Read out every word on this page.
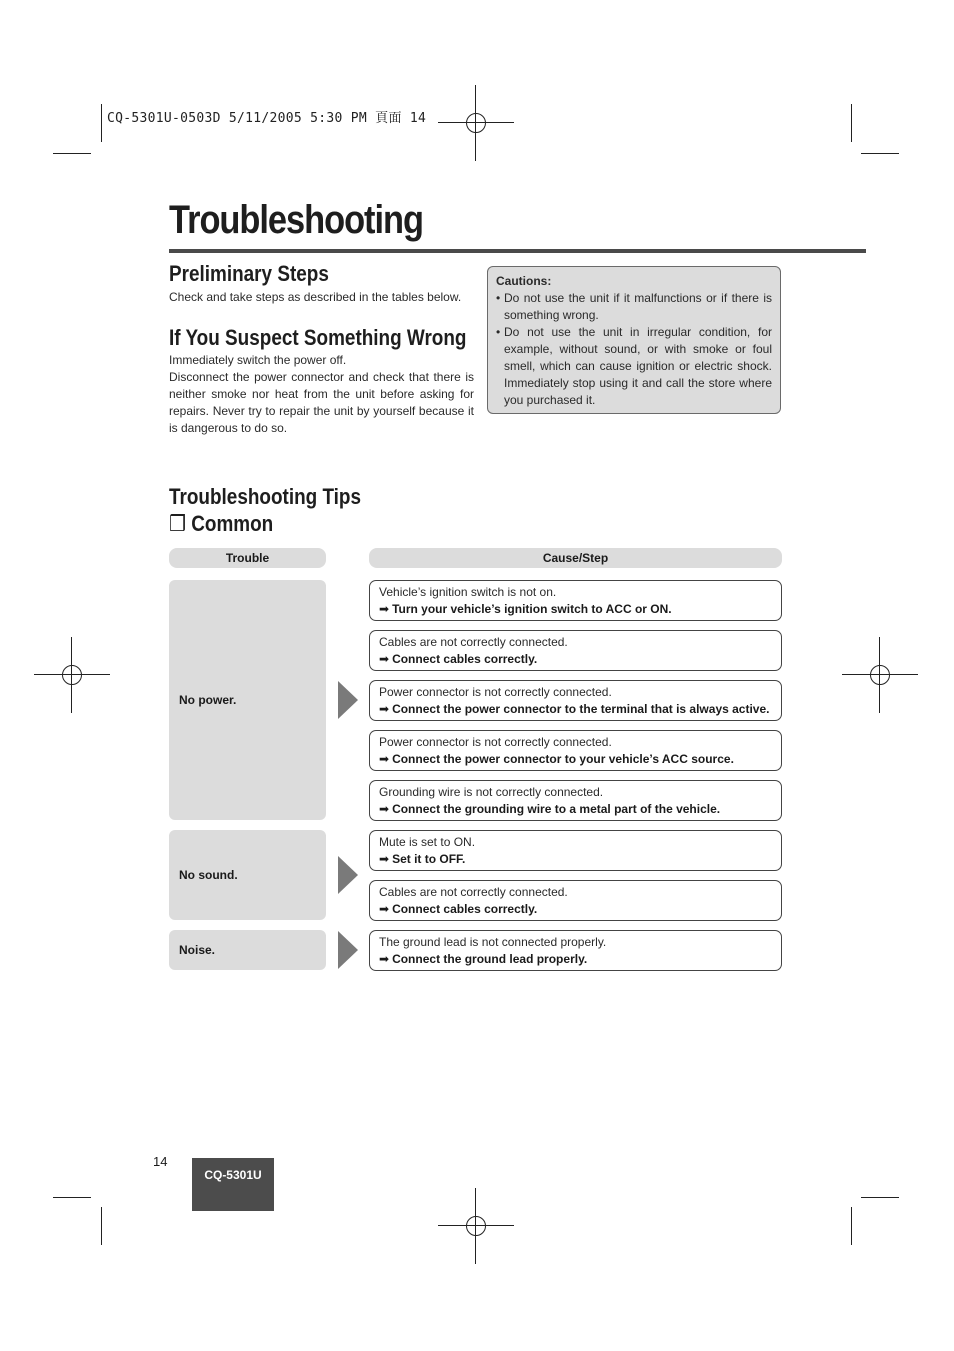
CQ-5301U-0503D 5/11/2005 5:30 PM 頁面 14
Troubleshooting
Preliminary Steps
Check and take steps as described in the tables below.
If You Suspect Something Wrong
Immediately switch the power off.
Disconnect the power connector and check that there is neither smoke nor heat from the unit before asking for repairs. Never try to repair the unit by yourself because it is dangerous to do so.
Cautions:
• Do not use the unit if it malfunctions or if there is something wrong.
• Do not use the unit in irregular condition, for example, without sound, or with smoke or foul smell, which can cause ignition or electric shock. Immediately stop using it and call the store where you purchased it.
Troubleshooting Tips
❒ Common
Trouble	Cause/Step
No power.
No sound.
Noise.
Vehicle’s ignition switch is not on.
➡ Turn your vehicle’s ignition switch to ACC or ON.
Cables are not correctly connected.
➡ Connect cables correctly.
Power connector is not correctly connected.
➡ Connect the power connector to the terminal that is always active.
Power connector is not correctly connected.
➡ Connect the power connector to your vehicle’s ACC source.
Grounding wire is not correctly connected.
➡ Connect the grounding wire to a metal part of the vehicle.
Mute is set to ON.
➡ Set it to OFF.
Cables are not correctly connected.
➡ Connect cables correctly.
The ground lead is not connected properly.
➡ Connect the ground lead properly.
14
CQ-5301U
